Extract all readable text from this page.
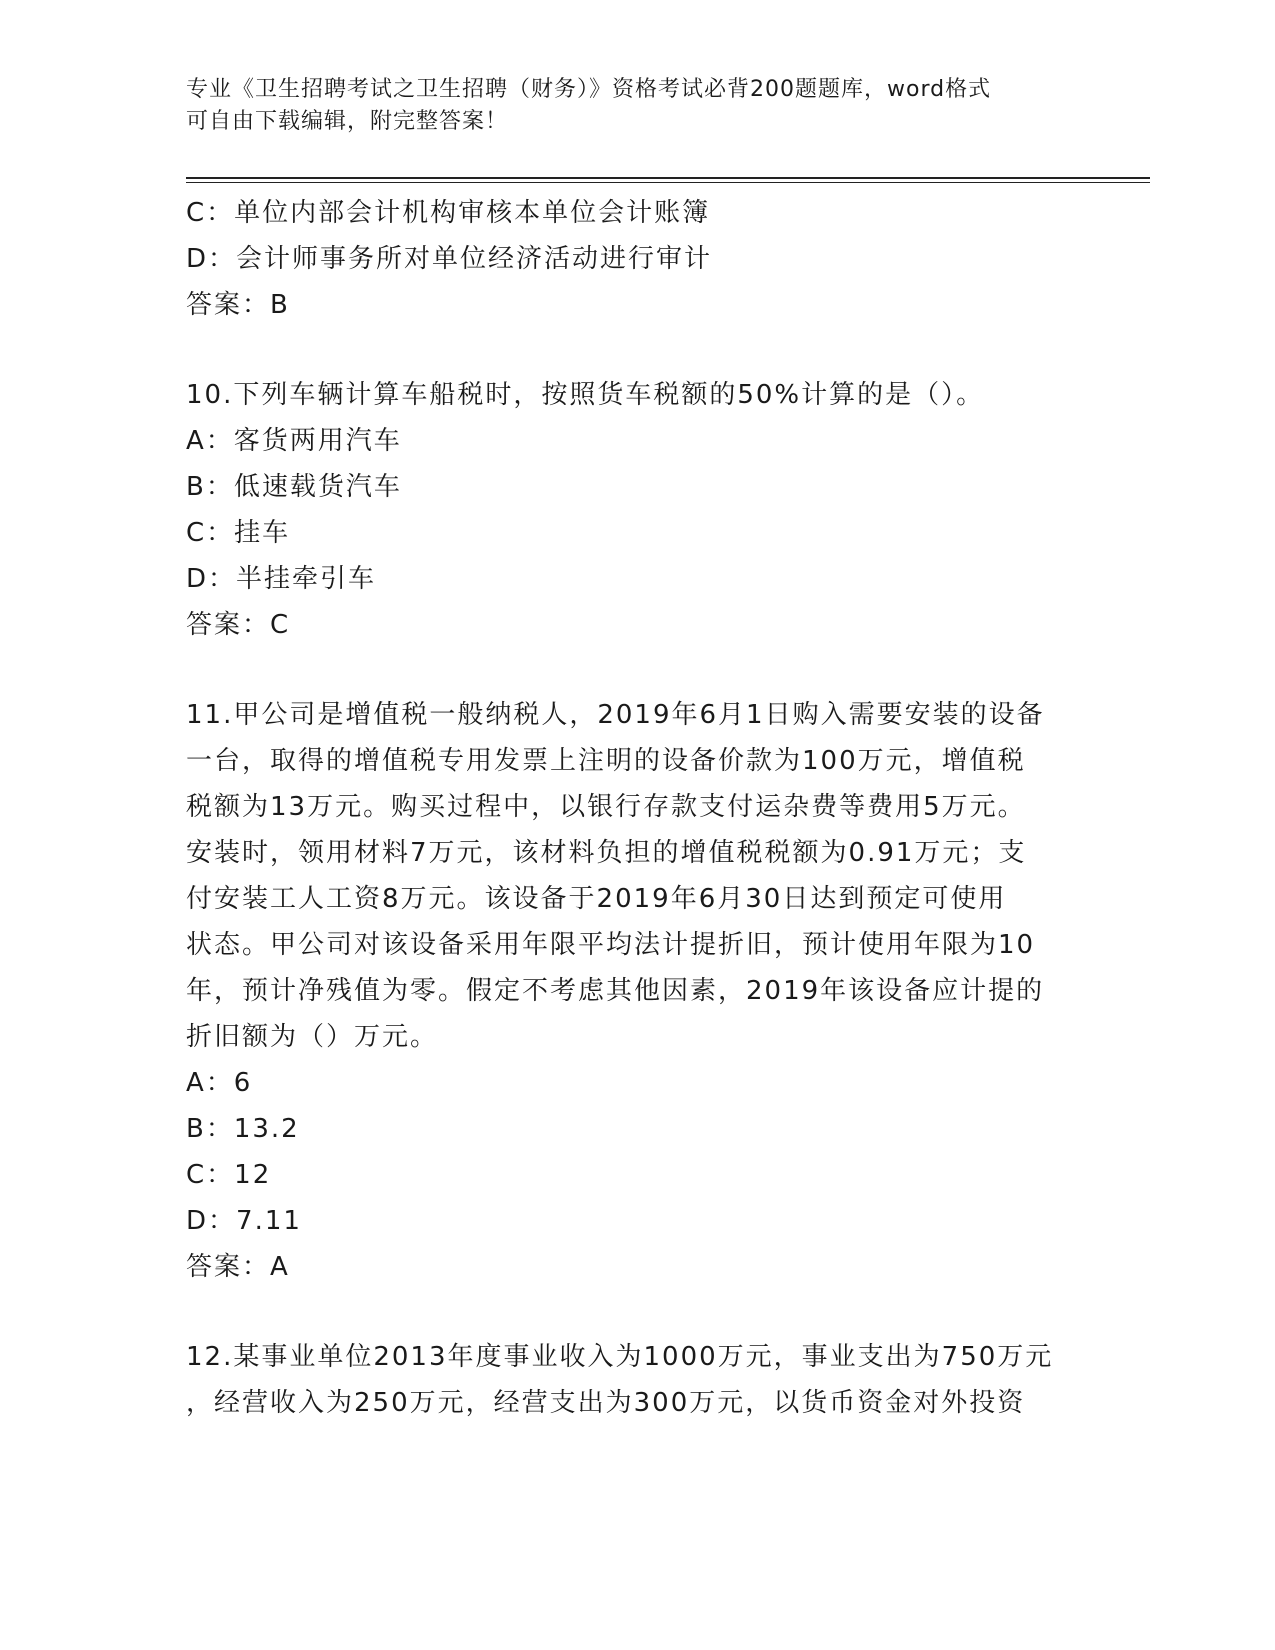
专业《卫生招聘考试之卫生招聘（财务）》资格考试必背200题题库，word格式
可自由下载编辑，附完整答案！
C：单位内部会计机构审核本单位会计账簿
D：会计师事务所对单位经济活动进行审计
答案：B
10.下列车辆计算车船税时，按照货车税额的50%计算的是（）。
A：客货两用汽车
B：低速载货汽车
C：挂车
D：半挂牵引车
答案：C
11.甲公司是增值税一般纳税人，2019年6月1日购入需要安装的设备
一台，取得的增值税专用发票上注明的设备价款为100万元，增值税
税额为13万元。购买过程中，以银行存款支付运杂费等费用5万元。
安装时，领用材料7万元，该材料负担的增值税税额为0.91万元；支
付安装工人工资8万元。该设备于2019年6月30日达到预定可使用
状态。甲公司对该设备采用年限平均法计提折旧，预计使用年限为10
年，预计净残值为零。假定不考虑其他因素，2019年该设备应计提的
折旧额为（）万元。
A：6
B：13.2
C：12
D：7.11
答案：A
12.某事业单位2013年度事业收入为1000万元，事业支出为750万元
，经营收入为250万元，经营支出为300万元，以货币资金对外投资
